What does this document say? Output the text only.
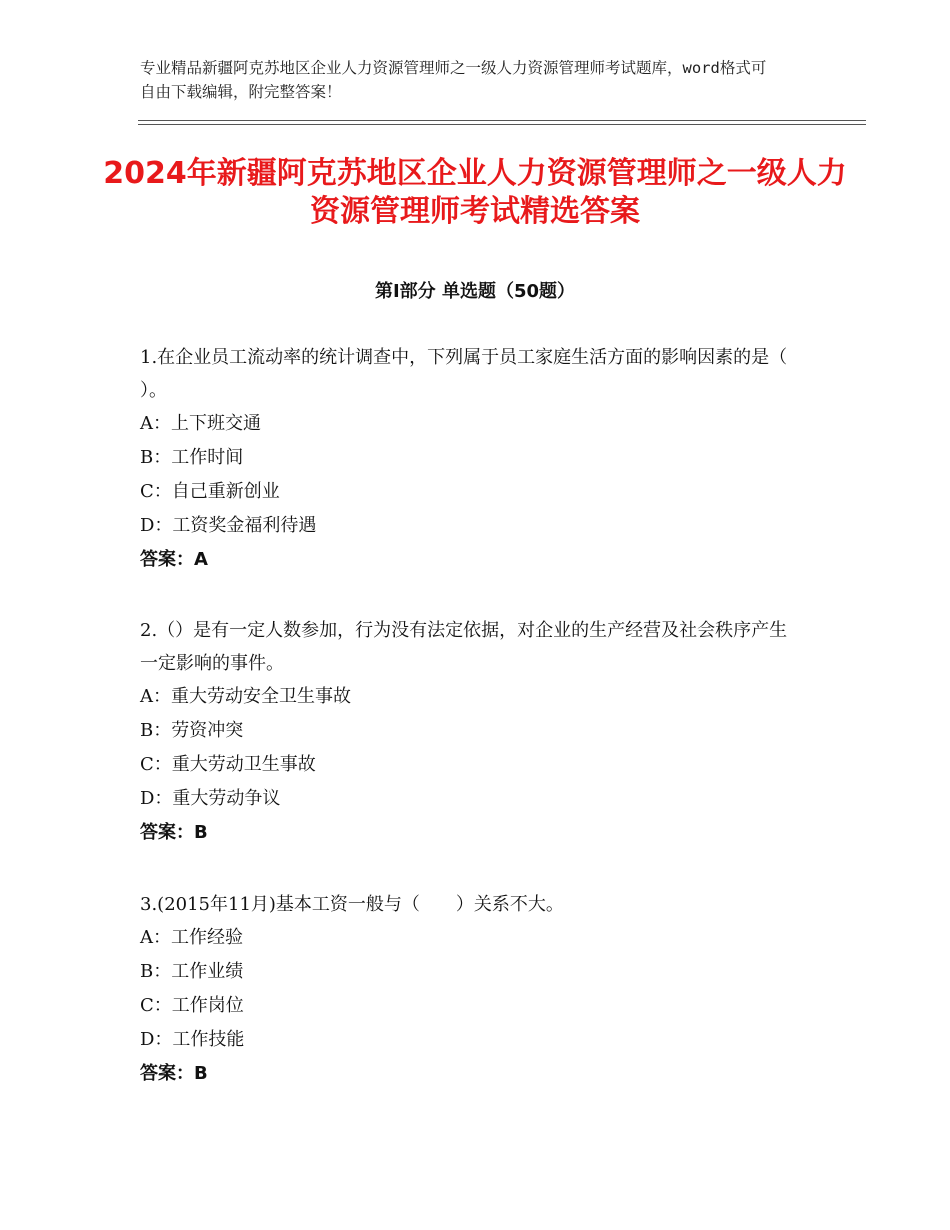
专业精品新疆阿克苏地区企业人力资源管理师之一级人力资源管理师考试题库，word格式可自由下载编辑，附完整答案！
2024年新疆阿克苏地区企业人力资源管理师之一级人力资源管理师考试精选答案
第Ⅰ部分 单选题（50题）

1.在企业员工流动率的统计调查中，下列属于员工家庭生活方面的影响因素的是（ ）。

A：上下班交通

B：工作时间

C：自己重新创业

D：工资奖金福利待遇

答案：A

2.（）是有一定人数参加，行为没有法定依据，对企业的生产经营及社会秩序产生一定影响的事件。

A：重大劳动安全卫生事故

B：劳资冲突

C：重大劳动卫生事故

D：重大劳动争议

答案：B

3.(2015年11月)基本工资一般与（　　）关系不大。

A：工作经验

B：工作业绩

C：工作岗位

D：工作技能

答案：B
